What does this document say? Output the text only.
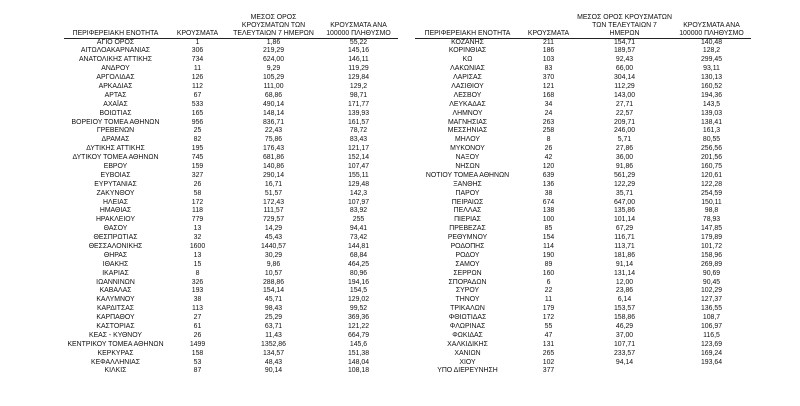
ΠΕΡΙΦΕΡΕΙΑΚΗ ΕΝΟΤΗΤΑ	ΚΡΟΥΣΜΑΤΑ	ΜΕΣΟΣ ΟΡΟΣ ΚΡΟΥΣΜΑΤΩΝ ΤΩΝ ΤΕΛΕΥΤΑΙΩΝ 7 ΗΜΕΡΩΝ	ΚΡΟΥΣΜΑΤΑ ΑΝΑ 100000 ΠΛΗΘΥΣΜΟ
ΑΓΙΟ ΟΡΟΣ	1	1,86	55,22
ΑΙΤΩΛΟΑΚΑΡΝΑΝΙΑΣ	306	219,29	145,16
ΑΝΑΤΟΛΙΚΗΣ ΑΤΤΙΚΗΣ	734	624,00	146,11
ΑΝΔΡΟΥ	11	9,29	119,29
ΑΡΓΟΛΙΔΑΣ	126	105,29	129,84
ΑΡΚΑΔΙΑΣ	112	111,00	129,2
ΑΡΤΑΣ	67	68,86	98,71
ΑΧΑΪΑΣ	533	490,14	171,77
ΒΟΙΩΤΙΑΣ	165	148,14	139,93
ΒΟΡΕΙΟΥ ΤΟΜΕΑ ΑΘΗΝΩΝ	956	836,71	161,57
ΓΡΕΒΕΝΩΝ	25	22,43	78,72
ΔΡΑΜΑΣ	82	75,86	83,43
ΔΥΤΙΚΗΣ ΑΤΤΙΚΗΣ	195	176,43	121,17
ΔΥΤΙΚΟΥ ΤΟΜΕΑ ΑΘΗΝΩΝ	745	681,86	152,14
ΕΒΡΟΥ	159	140,86	107,47
ΕΥΒΟΙΑΣ	327	290,14	155,11
ΕΥΡΥΤΑΝΙΑΣ	26	16,71	129,48
ΖΑΚΥΝΘΟΥ	58	51,57	142,3
ΗΛΕΙΑΣ	172	172,43	107,97
ΗΜΑΘΙΑΣ	118	111,57	83,92
ΗΡΑΚΛΕΙΟΥ	779	729,57	255
ΘΑΣΟΥ	13	14,29	94,41
ΘΕΣΠΡΩΤΙΑΣ	32	45,43	73,42
ΘΕΣΣΑΛΟΝΙΚΗΣ	1600	1440,57	144,81
ΘΗΡΑΣ	13	30,29	68,84
ΙΘΑΚΗΣ	15	9,86	464,25
ΙΚΑΡΙΑΣ	8	10,57	80,96
ΙΩΑΝΝΙΝΩΝ	326	288,86	194,16
ΚΑΒΑΛΑΣ	193	154,14	154,5
ΚΑΛΥΜΝΟΥ	38	45,71	129,02
ΚΑΡΔΙΤΣΑΣ	113	98,43	99,52
ΚΑΡΠΑΘΟΥ	27	25,29	369,36
ΚΑΣΤΟΡΙΑΣ	61	63,71	121,22
ΚΕΑΣ - ΚΥΘΝΟΥ	26	11,43	664,79
ΚΕΝΤΡΙΚΟΥ ΤΟΜΕΑ ΑΘΗΝΩΝ	1499	1352,86	145,6
ΚΕΡΚΥΡΑΣ	158	134,57	151,38
ΚΕΦΑΛΛΗΝΙΑΣ	53	48,43	148,04
ΚΙΛΚΙΣ	87	90,14	108,18
ΠΕΡΙΦΕΡΕΙΑΚΗ ΕΝΟΤΗΤΑ	ΚΡΟΥΣΜΑΤΑ	ΜΕΣΟΣ ΟΡΟΣ ΚΡΟΥΣΜΑΤΩΝ ΤΩΝ ΤΕΛΕΥΤΑΙΩΝ 7 ΗΜΕΡΩΝ	ΚΡΟΥΣΜΑΤΑ ΑΝΑ 100000 ΠΛΗΘΥΣΜΟ
ΚΟΖΑΝΗΣ	211	154,71	140,48
ΚΟΡΙΝΘΙΑΣ	186	189,57	128,2
ΚΩ	103	92,43	299,45
ΛΑΚΩΝΙΑΣ	83	66,00	93,11
ΛΑΡΙΣΑΣ	370	304,14	130,13
ΛΑΣΙΘΙΟΥ	121	112,29	160,52
ΛΕΣΒΟΥ	168	143,00	194,36
ΛΕΥΚΑΔΑΣ	34	27,71	143,5
ΛΗΜΝΟΥ	24	22,57	139,03
ΜΑΓΝΗΣΙΑΣ	263	209,71	138,41
ΜΕΣΣΗΝΙΑΣ	258	246,00	161,3
ΜΗΛΟΥ	8	5,71	80,55
ΜΥΚΟΝΟΥ	26	27,86	256,56
ΝΑΞΟΥ	42	36,00	201,56
ΝΗΣΩΝ	120	91,86	160,75
ΝΟΤΙΟΥ ΤΟΜΕΑ ΑΘΗΝΩΝ	639	561,29	120,61
ΞΑΝΘΗΣ	136	122,29	122,28
ΠΑΡΟΥ	38	35,71	254,59
ΠΕΙΡΑΙΩΣ	674	647,00	150,11
ΠΕΛΛΑΣ	138	135,86	98,8
ΠΙΕΡΙΑΣ	100	101,14	78,93
ΠΡΕΒΕΖΑΣ	85	67,29	147,85
ΡΕΘΥΜΝΟΥ	154	116,71	179,89
ΡΟΔΟΠΗΣ	114	113,71	101,72
ΡΟΔΟΥ	190	181,86	158,96
ΣΑΜΟΥ	89	91,14	269,89
ΣΕΡΡΩΝ	160	131,14	90,69
ΣΠΟΡΑΔΩΝ	6	12,00	90,45
ΣΥΡΟΥ	22	23,86	102,29
ΤΗΝΟΥ	11	6,14	127,37
ΤΡΙΚΑΛΩΝ	179	153,57	136,55
ΦΘΙΩΤΙΔΑΣ	172	158,86	108,7
ΦΛΩΡΙΝΑΣ	55	46,29	106,97
ΦΩΚΙΔΑΣ	47	37,00	116,5
ΧΑΛΚΙΔΙΚΗΣ	131	107,71	123,69
ΧΑΝΙΩΝ	265	233,57	169,24
ΧΙΟΥ	102	94,14	193,64
ΥΠΟ ΔΙΕΡΕΥΝΗΣΗ	377		
